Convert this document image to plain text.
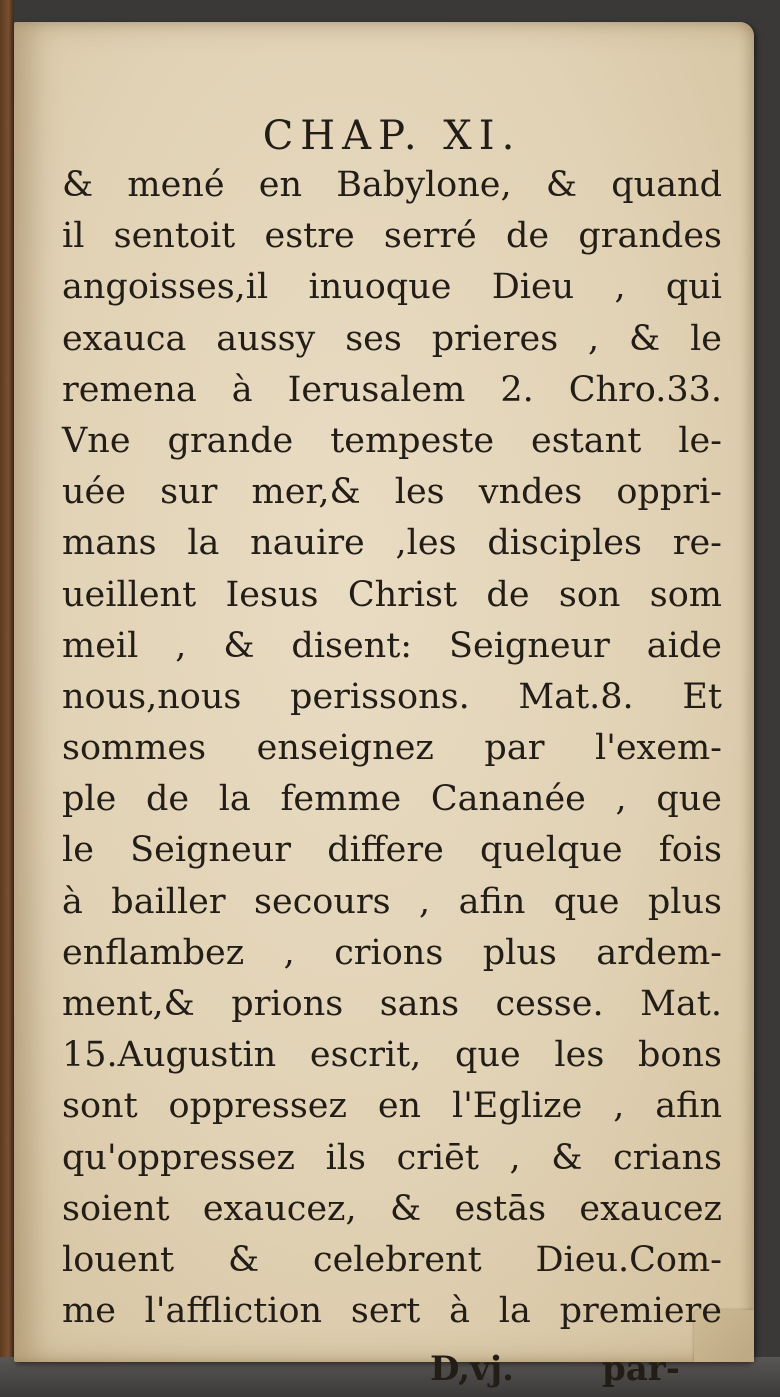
CHAP. XI.
& mené en Babylone, & quand
il sentoit estre serré de grandes
angoisses,il inuoque Dieu , qui
exauca aussy ses prieres , & le
remena à Ierusalem 2. Chro.33.
Vne grande tempeste estant le-
uée sur mer,& les vndes oppri-
mans la nauire ,les disciples re-
ueillent Iesus Christ de son som
meil , & disent: Seigneur aide
nous,nous perissons. Mat.8. Et
sommes enseignez par l'exem-
ple de la femme Cananée , que
le Seigneur differe quelque fois
à bailler secours , afin que plus
enflambez , crions plus ardem-
ment,& prions sans cesse. Mat.
15.Augustin escrit, que les bons
sont oppressez en l'Eglize , afin
qu'oppressez ils criēt , & crians
soient exaucez, & estās exaucez
louent & celebrent Dieu.Com-
me l'affliction sert à la premiere
D,vj.	par-
